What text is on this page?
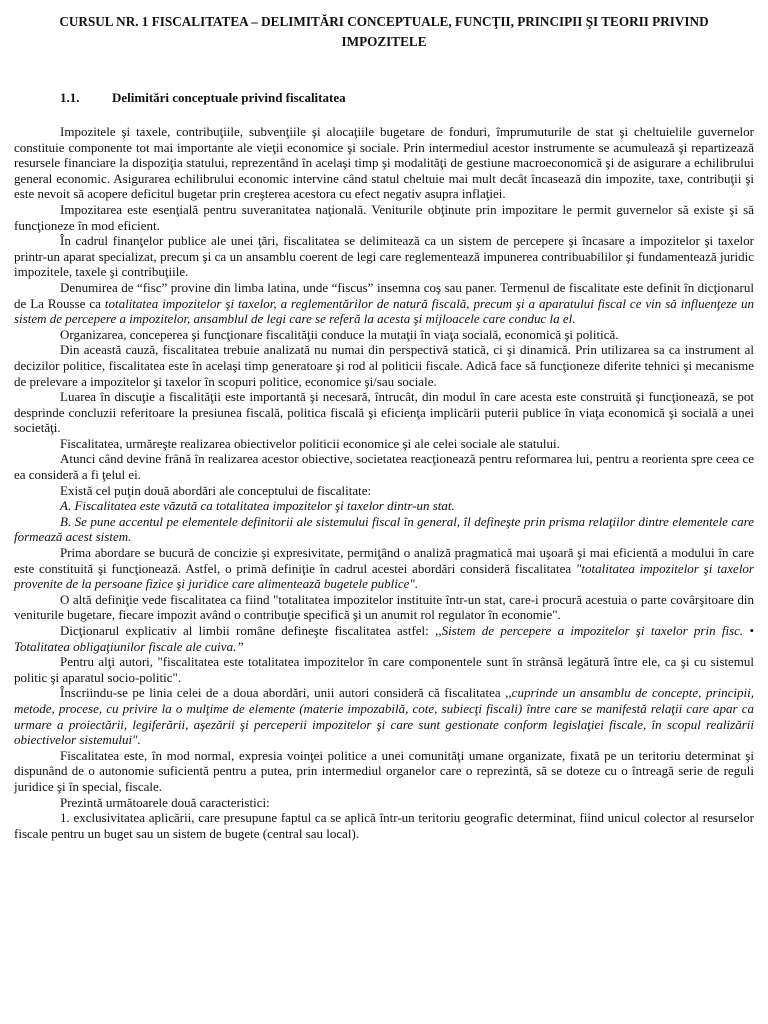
CURSUL NR. 1 FISCALITATEA – DELIMITĂRI CONCEPTUALE, FUNCŢII, PRINCIPII ŞI TEORII PRIVIND IMPOZITELE
1.1.	Delimitări conceptuale privind fiscalitatea

Impozitele şi taxele, contribuţiile, subvenţiile şi alocaţiile bugetare de fonduri, împrumuturile de stat şi cheltuielile guvernelor constituie componente tot mai importante ale vieţii economice şi sociale. Prin intermediul acestor instrumente se acumulează şi repartizează resursele financiare la dispoziţia statului, reprezentând în acelaşi timp şi modalităţi de gestiune macroeconomică şi de asigurare a echilibrului general economic. Asigurarea echilibrului economic intervine când statul cheltuie mai mult decât încasează din impozite, taxe, contribuţii şi este nevoit să acopere deficitul bugetar prin creşterea acestora cu efect negativ asupra inflaţiei.

Impozitarea este esenţială pentru suveranitatea naţională. Veniturile obţinute prin impozitare le permit guvernelor să existe şi să funcţioneze în mod eficient.

În cadrul finanţelor publice ale unei ţări, fiscalitatea se delimitează ca un sistem de percepere şi încasare a impozitelor şi taxelor printr-un aparat specializat, precum şi ca un ansamblu coerent de legi care reglementează impunerea contribuabililor şi fundamentează juridic impozitele, taxele şi contribuţiile.

Denumirea de “fisc” provine din limba latina, unde “fiscus” insemna coş sau paner. Termenul de fiscalitate este definit în dicţionarul de La Rousse ca totalitatea impozitelor şi taxelor, a reglementărilor de natură fiscală, precum şi a aparatului fiscal ce vin să influenţeze un sistem de percepere a impozitelor, ansamblul de legi care se referă la acesta şi mijloacele care conduc la el.

Organizarea, conceperea şi funcţionare fiscalităţii conduce la mutaţii în viaţa socială, economică şi politică.

Din această cauză, fiscalitatea trebuie analizată nu numai din perspectivă statică, ci şi dinamică. Prin utilizarea sa ca instrument al decizilor politice, fiscalitatea este în acelaşi timp generatoare şi rod al politicii fiscale. Adică face să funcţioneze diferite tehnici şi mecanisme de prelevare a impozitelor şi taxelor în scopuri politice, economice şi/sau sociale.

Luarea în discuţie a fiscalităţii este importantă şi necesară, întrucât, din modul în care acesta este construită şi funcţionează, se pot desprinde concluzii referitoare la presiunea fiscală, politica fiscală şi eficienţa implicării puterii publice în viaţa economică şi socială a unei societăţi.

Fiscalitatea, urmăreşte realizarea obiectivelor politicii economice şi ale celei sociale ale statului.

Atunci când devine frână în realizarea acestor obiective, societatea reacţionează pentru reformarea lui, pentru a reorienta spre ceea ce ea consideră a fi ţelul ei.

Există cel puţin două abordări ale conceptului de fiscalitate:

A. Fiscalitatea este văzută ca totalitatea impozitelor şi taxelor dintr-un stat.

B. Se pune accentul pe elementele definitorii ale sistemului fiscal în general, îl defineşte prin prisma relaţiilor dintre elementele care formează acest sistem.

Prima abordare se bucură de concizie şi expresivitate, permiţând o analiză pragmatică mai uşoară şi mai eficientă a modului în care este constituită şi funcţionează. Astfel, o primă definiţie în cadrul acestei abordări consideră fiscalitatea "totalitatea impozitelor şi taxelor provenite de la persoane fizice şi juridice care alimentează bugetele publice".

O altă definiţie vede fiscalitatea ca fiind "totalitatea impozitelor instituite într-un stat, care-i procură acestuia o parte covârşitoare din veniturile bugetare, fiecare impozit având o contribuţie specifică şi un anumit rol regulator în economie".

Dicţionarul explicativ al limbii române defineşte fiscalitatea astfel: ,,Sistem de percepere a impozitelor şi taxelor prin fisc. • Totalitatea obligaţiunilor fiscale ale cuiva.”

Pentru alţi autori, "fiscalitatea este totalitatea impozitelor în care componentele sunt în strânsă legătură între ele, ca şi cu sistemul politic şi aparatul socio-politic".

Înscriindu-se pe linia celei de a doua abordări, unii autori consideră că fiscalitatea ,,cuprinde un ansamblu de concepte, principii, metode, procese, cu privire la o mulţime de elemente (materie impozabilă, cote, subiecţi fiscali) între care se manifestă relaţii care apar ca urmare a proiectării, legiferării, aşezării şi perceperii impozitelor şi care sunt gestionate conform legislaţiei fiscale, în scopul realizării obiectivelor sistemului".

Fiscalitatea este, în mod normal, expresia voinţei politice a unei comunităţi umane organizate, fixată pe un teritoriu determinat şi dispunând de o autonomie suficientă pentru a putea, prin intermediul organelor care o reprezintă, să se doteze cu o întreagă serie de reguli juridice şi în special, fiscale.

Prezintă următoarele două caracteristici:

1. exclusivitatea aplicării, care presupune faptul ca se aplică într-un teritoriu geografic determinat, fiind unicul colector al resurselor fiscale pentru un buget sau un sistem de bugete (central sau local).
